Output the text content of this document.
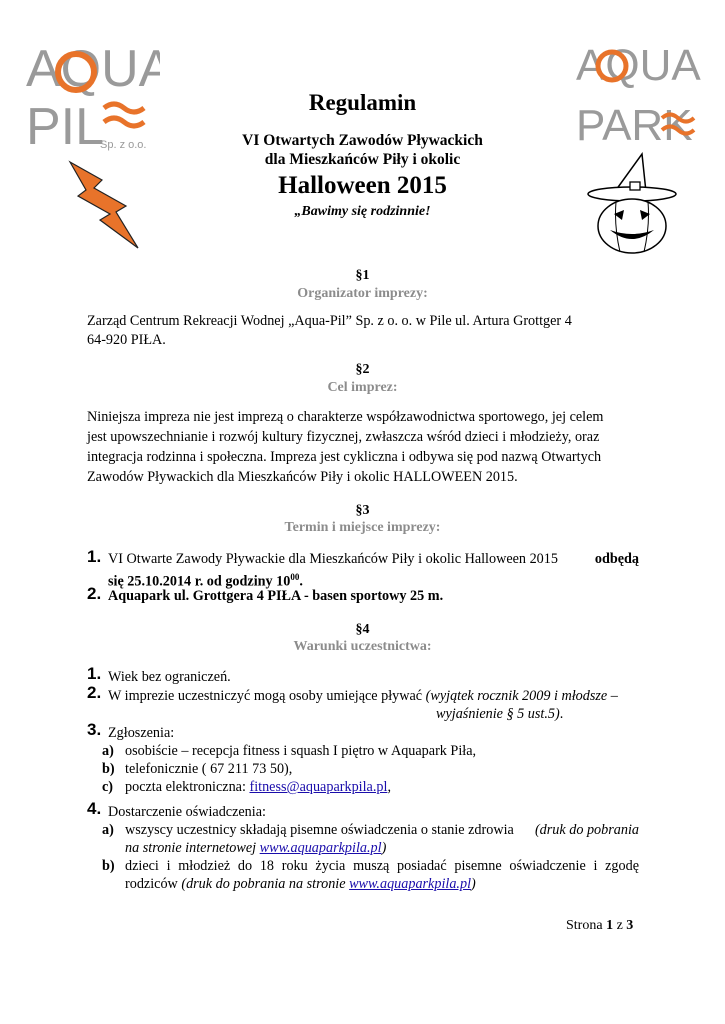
AQUA
PIL
Sp. z o.o.
AQUA
PARK
Regulamin
VI Otwartych Zawodów Pływackich
dla Mieszkańców Piły i okolic
Halloween 2015
„Bawimy się rodzinnie!
§1
Organizator imprezy:
Zarząd Centrum Rekreacji Wodnej „Aqua-Pil” Sp. z o. o. w Pile ul. Artura Grottger 4
64-920 PIŁA.
§2
Cel imprez:
Niniejsza impreza nie jest imprezą o charakterze współzawodnictwa sportowego, jej celem
jest upowszechnianie i rozwój kultury fizycznej, zwłaszcza wśród dzieci i młodzieży, oraz
integracja rodzinna i społeczna. Impreza jest cykliczna i odbywa się pod nazwą Otwartych
Zawodów Pływackich dla Mieszkańców Piły i okolic HALLOWEEN 2015.
§3
Termin i miejsce imprezy:
1. VI Otwarte Zawody Pływackie dla Mieszkańców Piły i okolic Halloween 2015	odbędą
się 25.10.2014 r. od godziny $10^{00}$.
2. Aquapark ul. Grottgera 4 PIŁA - basen sportowy 25 m.
§4
Warunki uczestnictwa:
1. Wiek bez ograniczeń.
2. W imprezie uczestniczyć mogą osoby umiejące pływać (wyjątek rocznik 2009 i młodsze –
wyjaśnienie § 5 ust.5).
3. Zgłoszenia:
a) osobiście – recepcja fitness i squash I piętro w Aquapark Piła,
b) telefonicznie ( 67 211 73 50),
c) poczta elektroniczna: fitness@aquaparkpila.pl,
4. Dostarczenie oświadczenia:
a) wszyscy uczestnicy składają pisemne oświadczenia o stanie zdrowia (druk do pobrania
na stronie internetowej www.aquaparkpila.pl)
b) dzieci i młodzież do 18 roku życia muszą posiadać pisemne oświadczenie i zgodę
rodziców (druk do pobrania na stronie www.aquaparkpila.pl)
Strona 1 z 3
